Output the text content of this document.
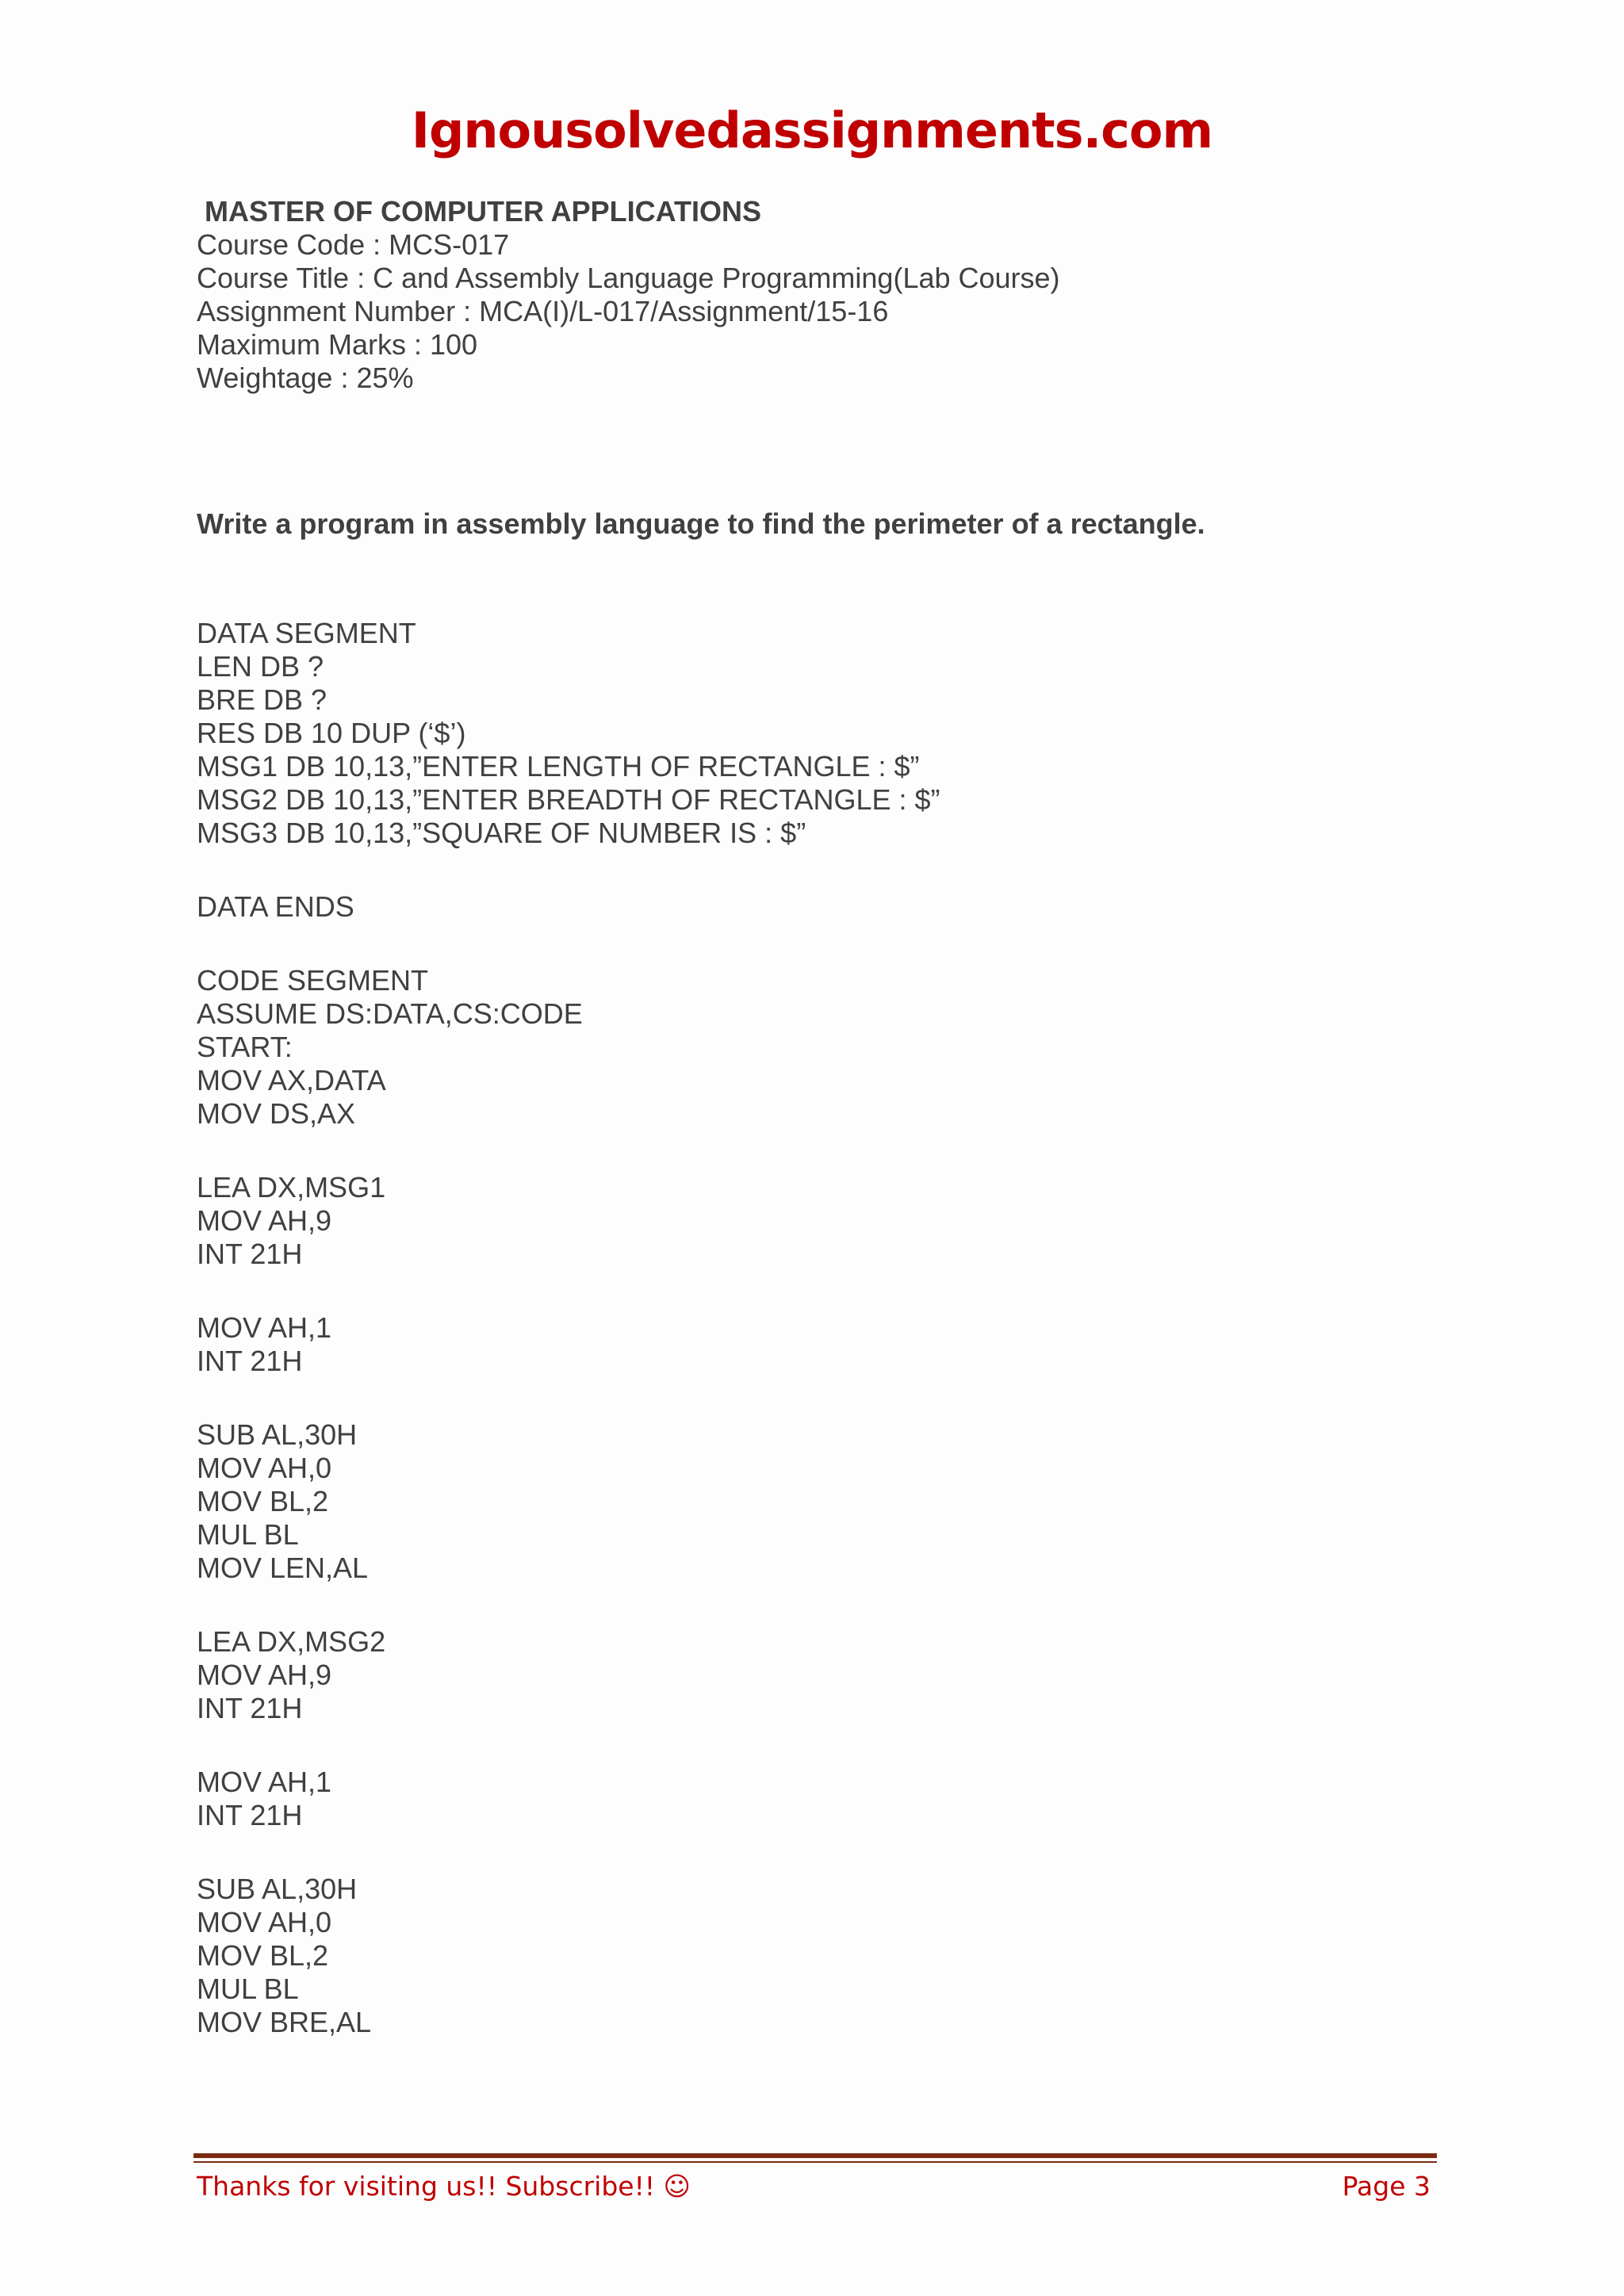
Ignousolvedassignments.com
MASTER OF COMPUTER APPLICATIONS
Course Code : MCS-017
Course Title : C and Assembly Language Programming(Lab Course)
Assignment Number : MCA(I)/L-017/Assignment/15-16
Maximum Marks : 100
Weightage : 25%
Write a program in assembly language to find the perimeter of a rectangle.
DATA SEGMENT
LEN DB ?
BRE DB ?
RES DB 10 DUP (‘$’)
MSG1 DB 10,13,”ENTER LENGTH OF RECTANGLE : $”
MSG2 DB 10,13,”ENTER BREADTH OF RECTANGLE : $”
MSG3 DB 10,13,”SQUARE OF NUMBER IS : $”
DATA ENDS
CODE SEGMENT
ASSUME DS:DATA,CS:CODE
START:
MOV AX,DATA
MOV DS,AX
LEA DX,MSG1
MOV AH,9
INT 21H
MOV AH,1
INT 21H
SUB AL,30H
MOV AH,0
MOV BL,2
MUL BL
MOV LEN,AL
LEA DX,MSG2
MOV AH,9
INT 21H
MOV AH,1
INT 21H
SUB AL,30H
MOV AH,0
MOV BL,2
MUL BL
MOV BRE,AL
Thanks for visiting us!! Subscribe!! ☺	Page 3
